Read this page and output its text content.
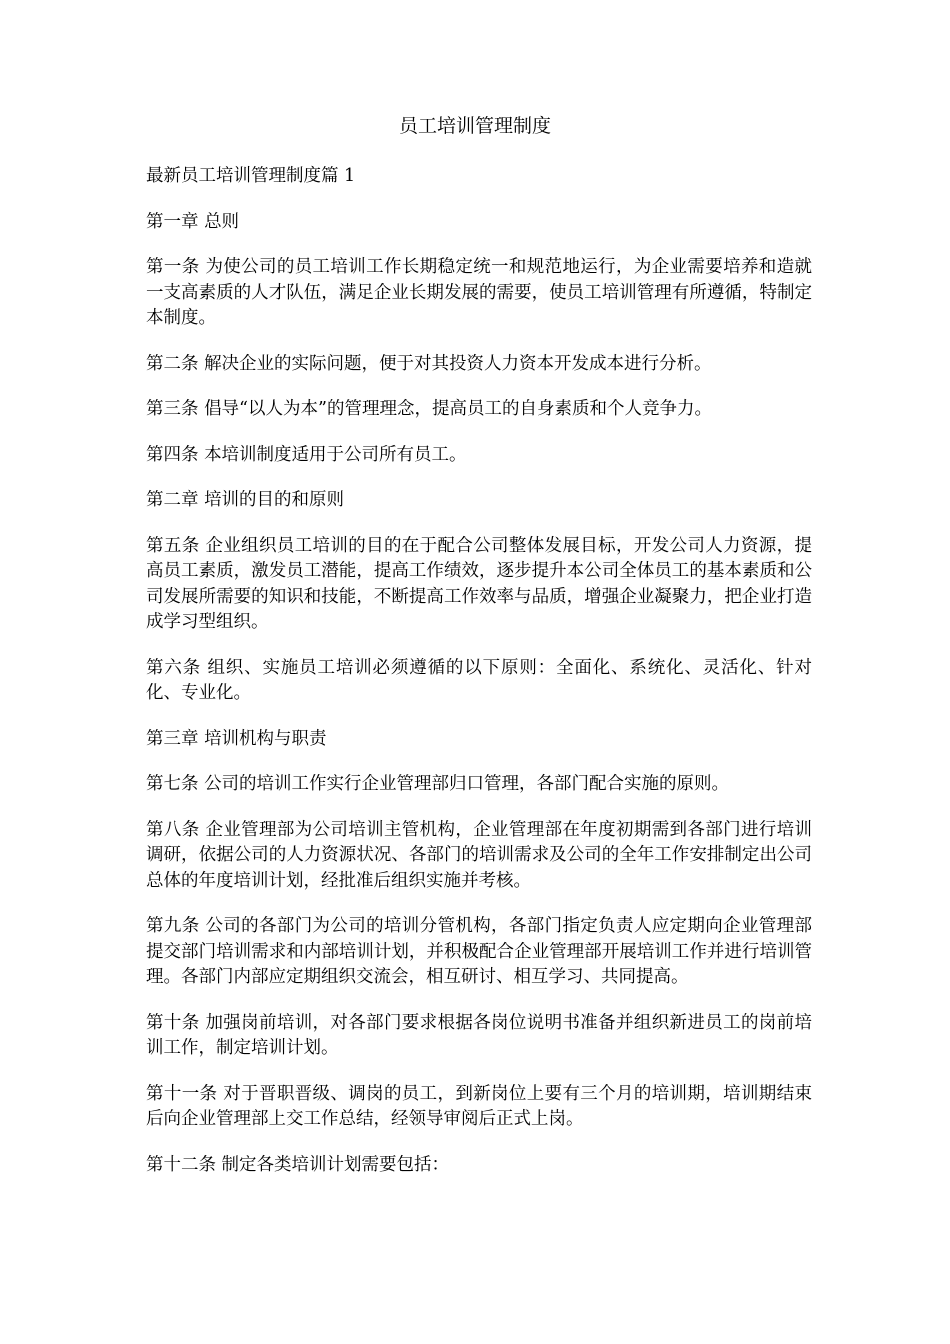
员工培训管理制度

最新员工培训管理制度篇 1

第一章 总则

第一条 为使公司的员工培训工作长期稳定统一和规范地运行，为企业需要培养和造就一支高素质的人才队伍，满足企业长期发展的需要，使员工培训管理有所遵循，特制定本制度。

第二条 解决企业的实际问题，便于对其投资人力资本开发成本进行分析。

第三条 倡导“以人为本”的管理理念，提高员工的自身素质和个人竞争力。

第四条 本培训制度适用于公司所有员工。

第二章 培训的目的和原则

第五条 企业组织员工培训的目的在于配合公司整体发展目标，开发公司人力资源，提高员工素质，激发员工潜能，提高工作绩效，逐步提升本公司全体员工的基本素质和公司发展所需要的知识和技能，不断提高工作效率与品质，增强企业凝聚力，把企业打造成学习型组织。

第六条 组织、实施员工培训必须遵循的以下原则：全面化、系统化、灵活化、针对化、专业化。

第三章 培训机构与职责

第七条 公司的培训工作实行企业管理部归口管理，各部门配合实施的原则。

第八条 企业管理部为公司培训主管机构，企业管理部在年度初期需到各部门进行培训调研，依据公司的人力资源状况、各部门的培训需求及公司的全年工作安排制定出公司总体的年度培训计划，经批准后组织实施并考核。

第九条 公司的各部门为公司的培训分管机构，各部门指定负责人应定期向企业管理部提交部门培训需求和内部培训计划，并积极配合企业管理部开展培训工作并进行培训管理。各部门内部应定期组织交流会，相互研讨、相互学习、共同提高。

第十条 加强岗前培训，对各部门要求根据各岗位说明书准备并组织新进员工的岗前培训工作，制定培训计划。

第十一条 对于晋职晋级、调岗的员工，到新岗位上要有三个月的培训期，培训期结束后向企业管理部上交工作总结，经领导审阅后正式上岗。

第十二条 制定各类培训计划需要包括：
